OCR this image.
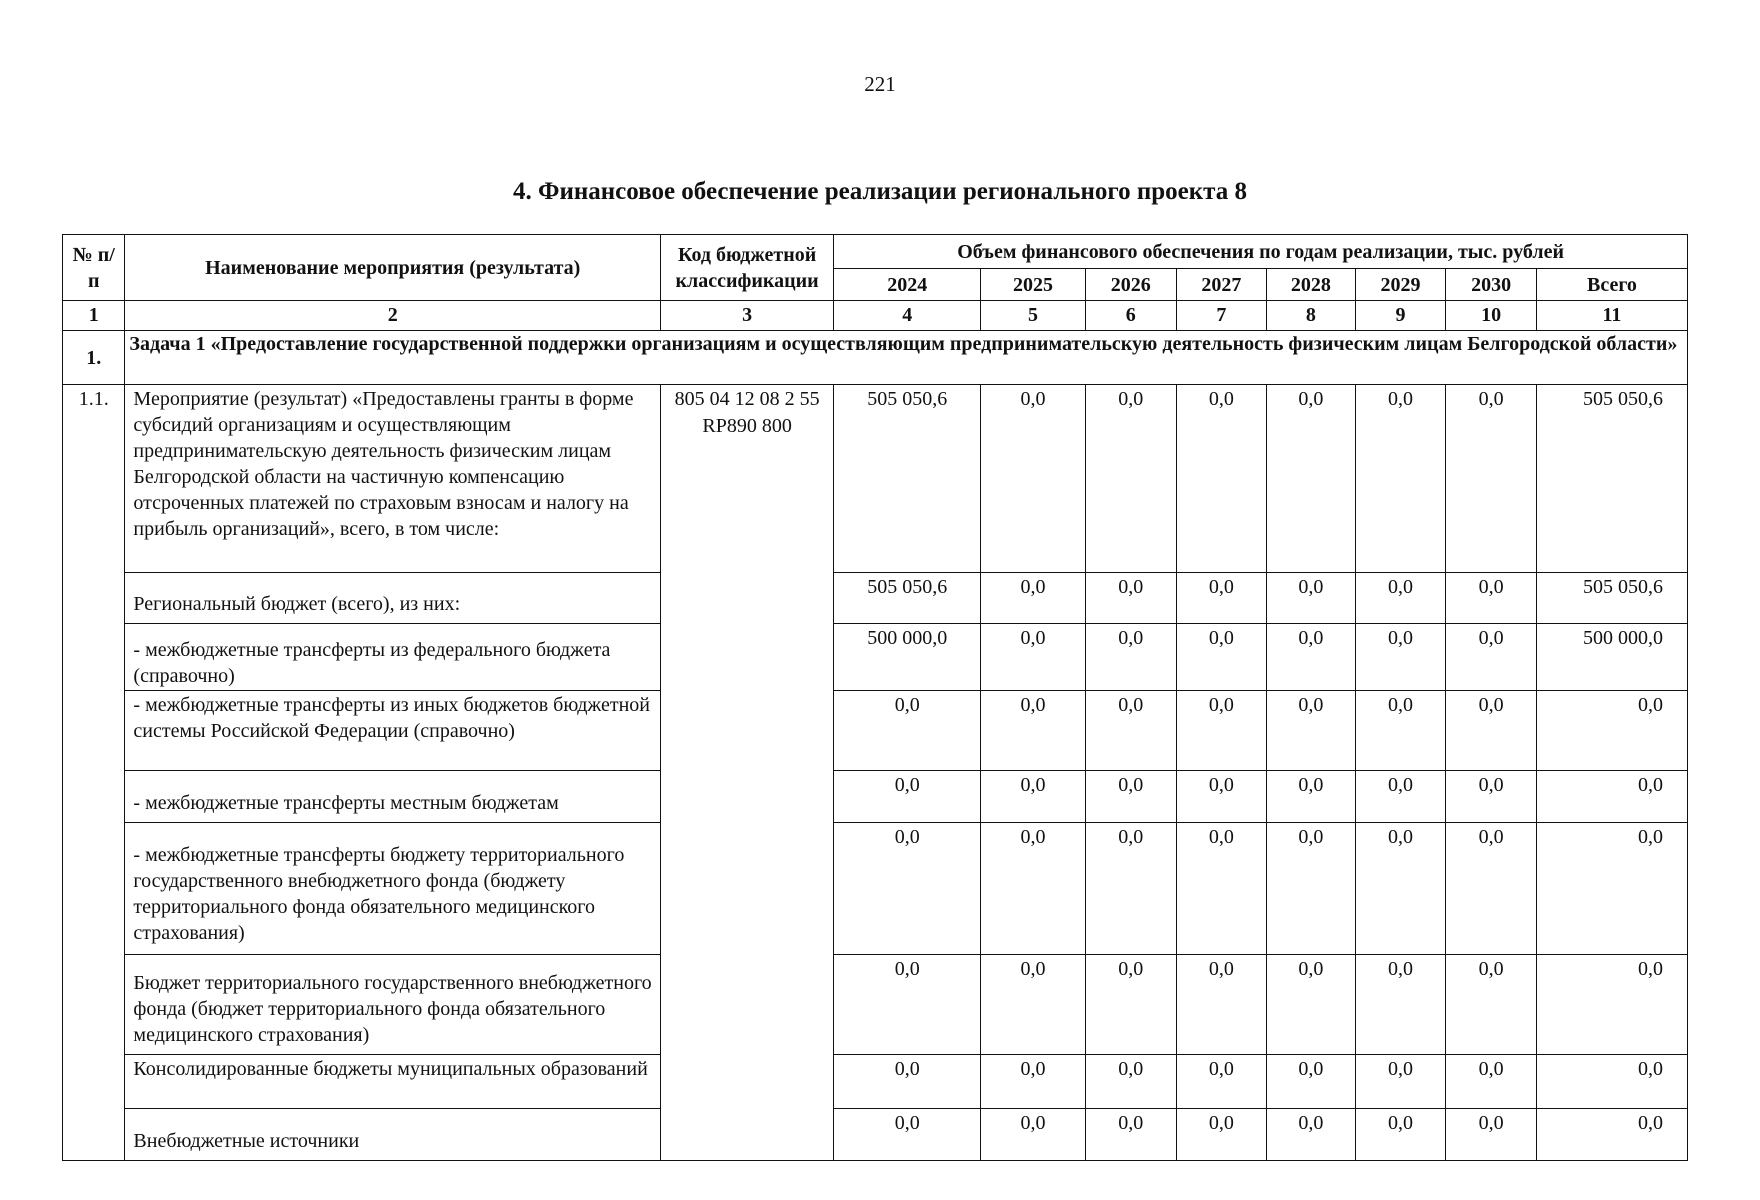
221
4. Финансовое обеспечение реализации регионального проекта 8
№ п/п	Наименование мероприятия (результата)	Код бюджетной классификации	Объем финансового обеспечения по годам реализации, тыс. рублей							
			2024	2025	2026	2027	2028	2029	2030	Всего
1	2	3	4	5	6	7	8	9	10	11
1.	Задача 1 «Предоставление государственной поддержки организациям и осуществляющим предпринимательскую деятельность физическим лицам Белгородской области»									
1.1.	Мероприятие (результат) «Предоставлены гранты в форме субсидий организациям и осуществляющим предпринимательскую деятельность физическим лицам Белгородской области на частичную компенсацию отсроченных платежей по страховым взносам и налогу на прибыль организаций», всего, в том числе:	805 04 12 08 2 55 RP890 800	505 050,6	0,0	0,0	0,0	0,0	0,0	0,0	505 050,6
	Региональный бюджет (всего), из них:		505 050,6	0,0	0,0	0,0	0,0	0,0	0,0	505 050,6
	- межбюджетные трансферты из федерального бюджета (справочно)		500 000,0	0,0	0,0	0,0	0,0	0,0	0,0	500 000,0
	- межбюджетные трансферты из иных бюджетов бюджетной системы Российской Федерации (справочно)		0,0	0,0	0,0	0,0	0,0	0,0	0,0	0,0
	- межбюджетные трансферты местным бюджетам		0,0	0,0	0,0	0,0	0,0	0,0	0,0	0,0
	- межбюджетные трансферты бюджету территориального государственного внебюджетного фонда (бюджету территориального фонда обязательного медицинского страхования)		0,0	0,0	0,0	0,0	0,0	0,0	0,0	0,0
	Бюджет территориального государственного внебюджетного фонда (бюджет территориального фонда обязательного медицинского страхования)		0,0	0,0	0,0	0,0	0,0	0,0	0,0	0,0
	Консолидированные бюджеты муниципальных образований		0,0	0,0	0,0	0,0	0,0	0,0	0,0	0,0
	Внебюджетные источники		0,0	0,0	0,0	0,0	0,0	0,0	0,0	0,0
